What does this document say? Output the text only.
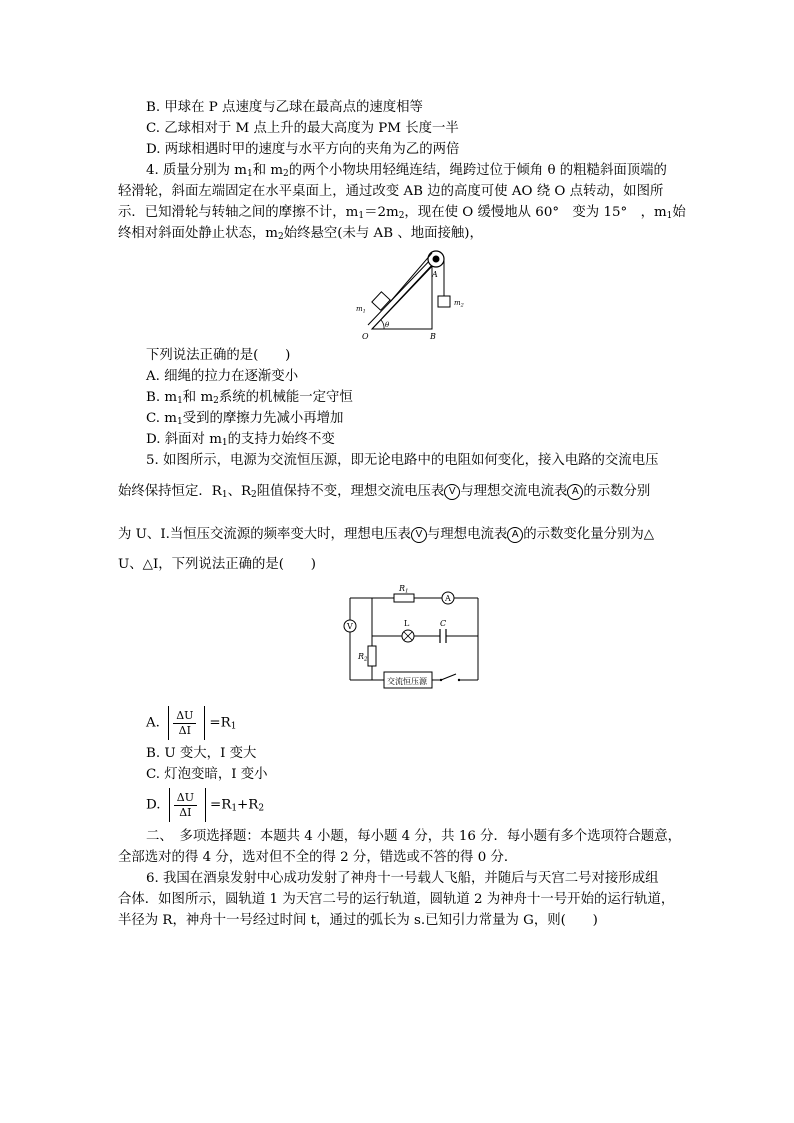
B. 甲球在 P 点速度与乙球在最高点的速度相等
C. 乙球相对于 M 点上升的最大高度为 PM 长度一半
D. 两球相遇时甲的速度与水平方向的夹角为乙的两倍
4. 质量分别为 $m_1$和 $m_2$的两个小物块用轻绳连结，绳跨过位于倾角 θ 的粗糙斜面顶端的
轻滑轮，斜面左端固定在水平桌面上，通过改变 AB 边的高度可使 AO 绕 O 点转动，如图所
示．已知滑轮与转轴之间的摩擦不计，$m_1=2m_2$，现在使 O 缓慢地从 60°　变为 15°　，$m_1$始
终相对斜面处静止状态，$m_2$始终悬空(未与 AB 、地面接触)，
A
B
O
θ
$m_1$
$m_2$
下列说法正确的是(　　)
A. 细绳的拉力在逐渐变小
B. $m_1$和 $m_2$系统的机械能一定守恒
C. $m_1$受到的摩擦力先减小再增加
D. 斜面对 $m_1$的支持力始终不变
5. 如图所示，电源为交流恒压源，即无论电路中的电阻如何变化，接入电路的交流电压
始终保持恒定．$R_1$、$R_2$阻值保持不变，理想交流电压表 V 与理想交流电流表 A 的示数分别
为 U、I.当恒压交流源的频率变大时，理想电压表 V 与理想电流表 A 的示数变化量分别为△
U、△I，下列说法正确的是(　　)
R1
A
V	L	C
R2
交流恒压源
A.
ΔU
$\Delta I =R_1$
B. U 变大，I 变大
C. 灯泡变暗，I 变小
D.
ΔU
$\Delta I =R_1+R_2$
二、　多项选择题：本题共 4 小题，每小题 4 分，共 16 分．每小题有多个选项符合题意，
全部选对的得 4 分，选对但不全的得 2 分，错选或不答的得 0 分．
6. 我国在酒泉发射中心成功发射了神舟十一号载人飞船，并随后与天宫二号对接形成组
合体．如图所示，圆轨道 1 为天宫二号的运行轨道，圆轨道 2 为神舟十一号开始的运行轨道，
半径为 R，神舟十一号经过时间 t，通过的弧长为 s.已知引力常量为 G，则(　　)
